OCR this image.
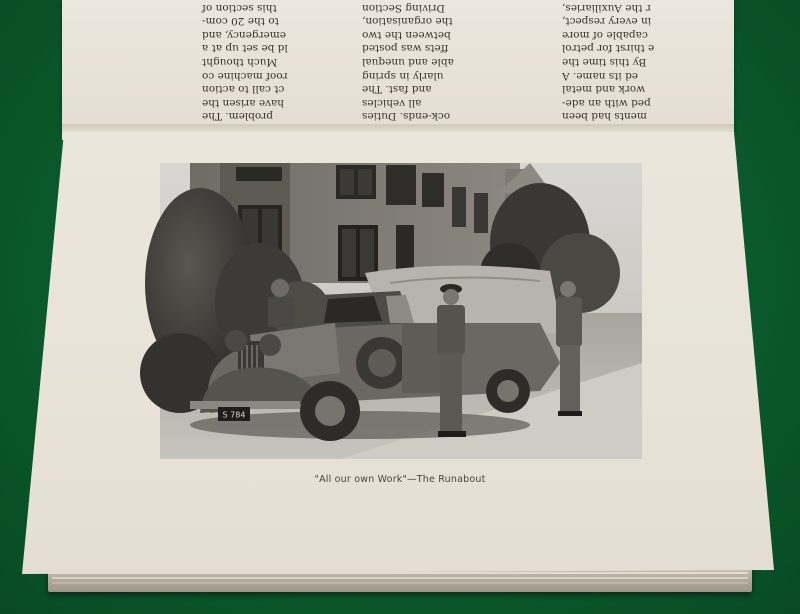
problem. The
have arisen the
ct call to action
roof machine co
Much thought
ld be set up at a
emergency, and
to the 20 com-
this section of
ock-ends. Duties
all vehicles
and fast. The
ularly in spring
able and unequal
ffets was posted
between the two
the organisation,
Driving Section
ments had been
ped with an ade-
work and metal
ed its name. A
By this time the
e thirst for petrol
capable of more
in every respect,
r the Auxiliaries,
S 784
"All our own Work"—The Runabout
